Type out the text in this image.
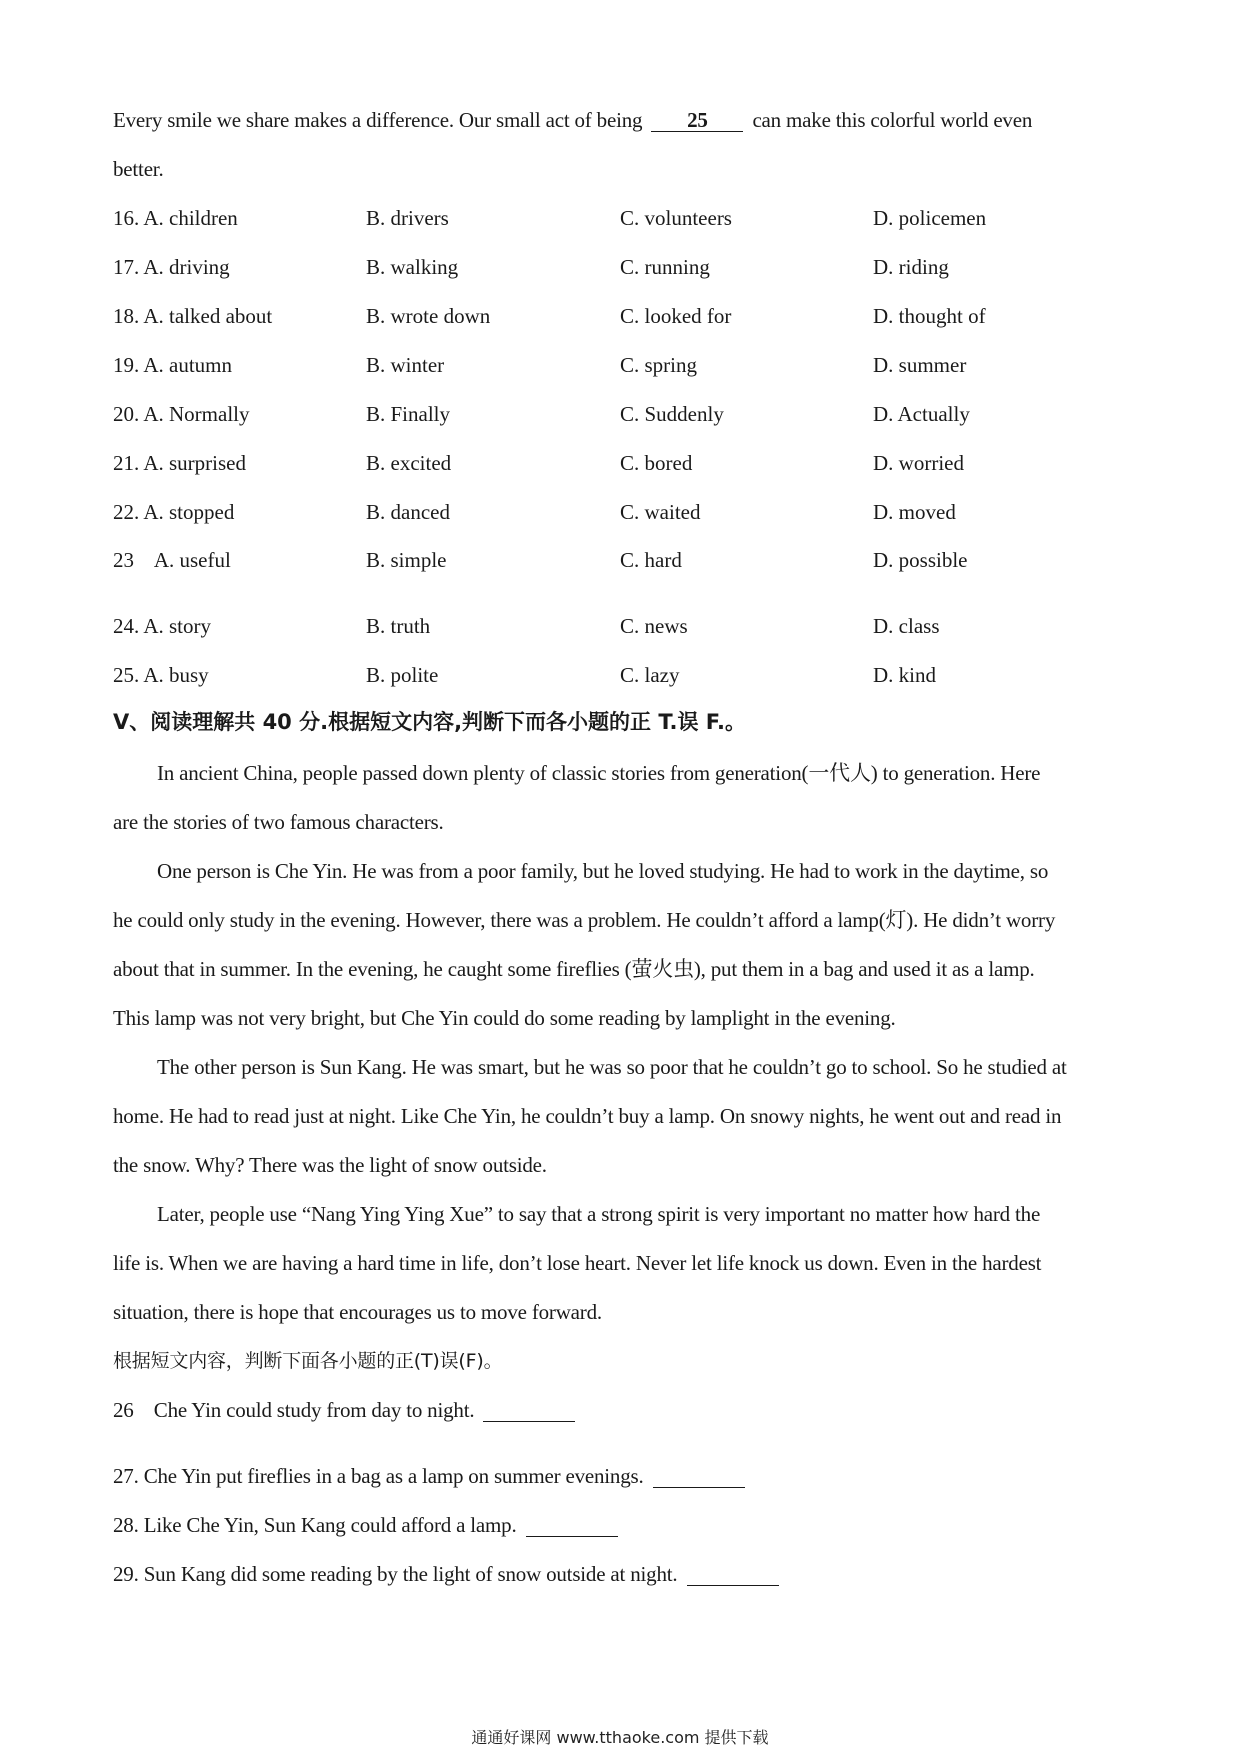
Every smile we share makes a difference. Our small act of being 25 can make this colorful world even
better.
16. A. children	B. drivers	C. volunteers	D. policemen
17. A. driving	B. walking	C. running	D. riding
18. A. talked about	B. wrote down	C. looked for	D. thought of
19. A. autumn	B. winter	C. spring	D. summer
20. A. Normally	B. Finally	C. Suddenly	D. Actually
21. A. surprised	B. excited	C. bored	D. worried
22. A. stopped	B. danced	C. waited	D. moved
23    A. useful	B. simple	C. hard	D. possible
24. A. story	B. truth	C. news	D. class
25. A. busy	B. polite	C. lazy	D. kind
V、阅读理解共 40 分.根据短文内容,判断下而各小题的正 T.误 F.。
In ancient China, people passed down plenty of classic stories from generation(一代人) to generation. Here
are the stories of two famous characters.
One person is Che Yin. He was from a poor family, but he loved studying. He had to work in the daytime, so
he could only study in the evening. However, there was a problem. He couldn’t afford a lamp(灯). He didn’t worry
about that in summer. In the evening, he caught some fireflies (萤火虫), put them in a bag and used it as a lamp.
This lamp was not very bright, but Che Yin could do some reading by lamplight in the evening.
The other person is Sun Kang. He was smart, but he was so poor that he couldn’t go to school. So he studied at
home. He had to read just at night. Like Che Yin, he couldn’t buy a lamp. On snowy nights, he went out and read in
the snow. Why? There was the light of snow outside.
Later, people use “Nang Ying Ying Xue” to say that a strong spirit is very important no matter how hard the
life is. When we are having a hard time in life, don’t lose heart. Never let life knock us down. Even in the hardest
situation, there is hope that encourages us to move forward.
根据短文内容，判断下面各小题的正(T)误(F)。
26    Che Yin could study from day to night.
27. Che Yin put fireflies in a bag as a lamp on summer evenings.
28. Like Che Yin, Sun Kang could afford a lamp.
29. Sun Kang did some reading by the light of snow outside at night.
通通好课网 www.tthaoke.com 提供下载
